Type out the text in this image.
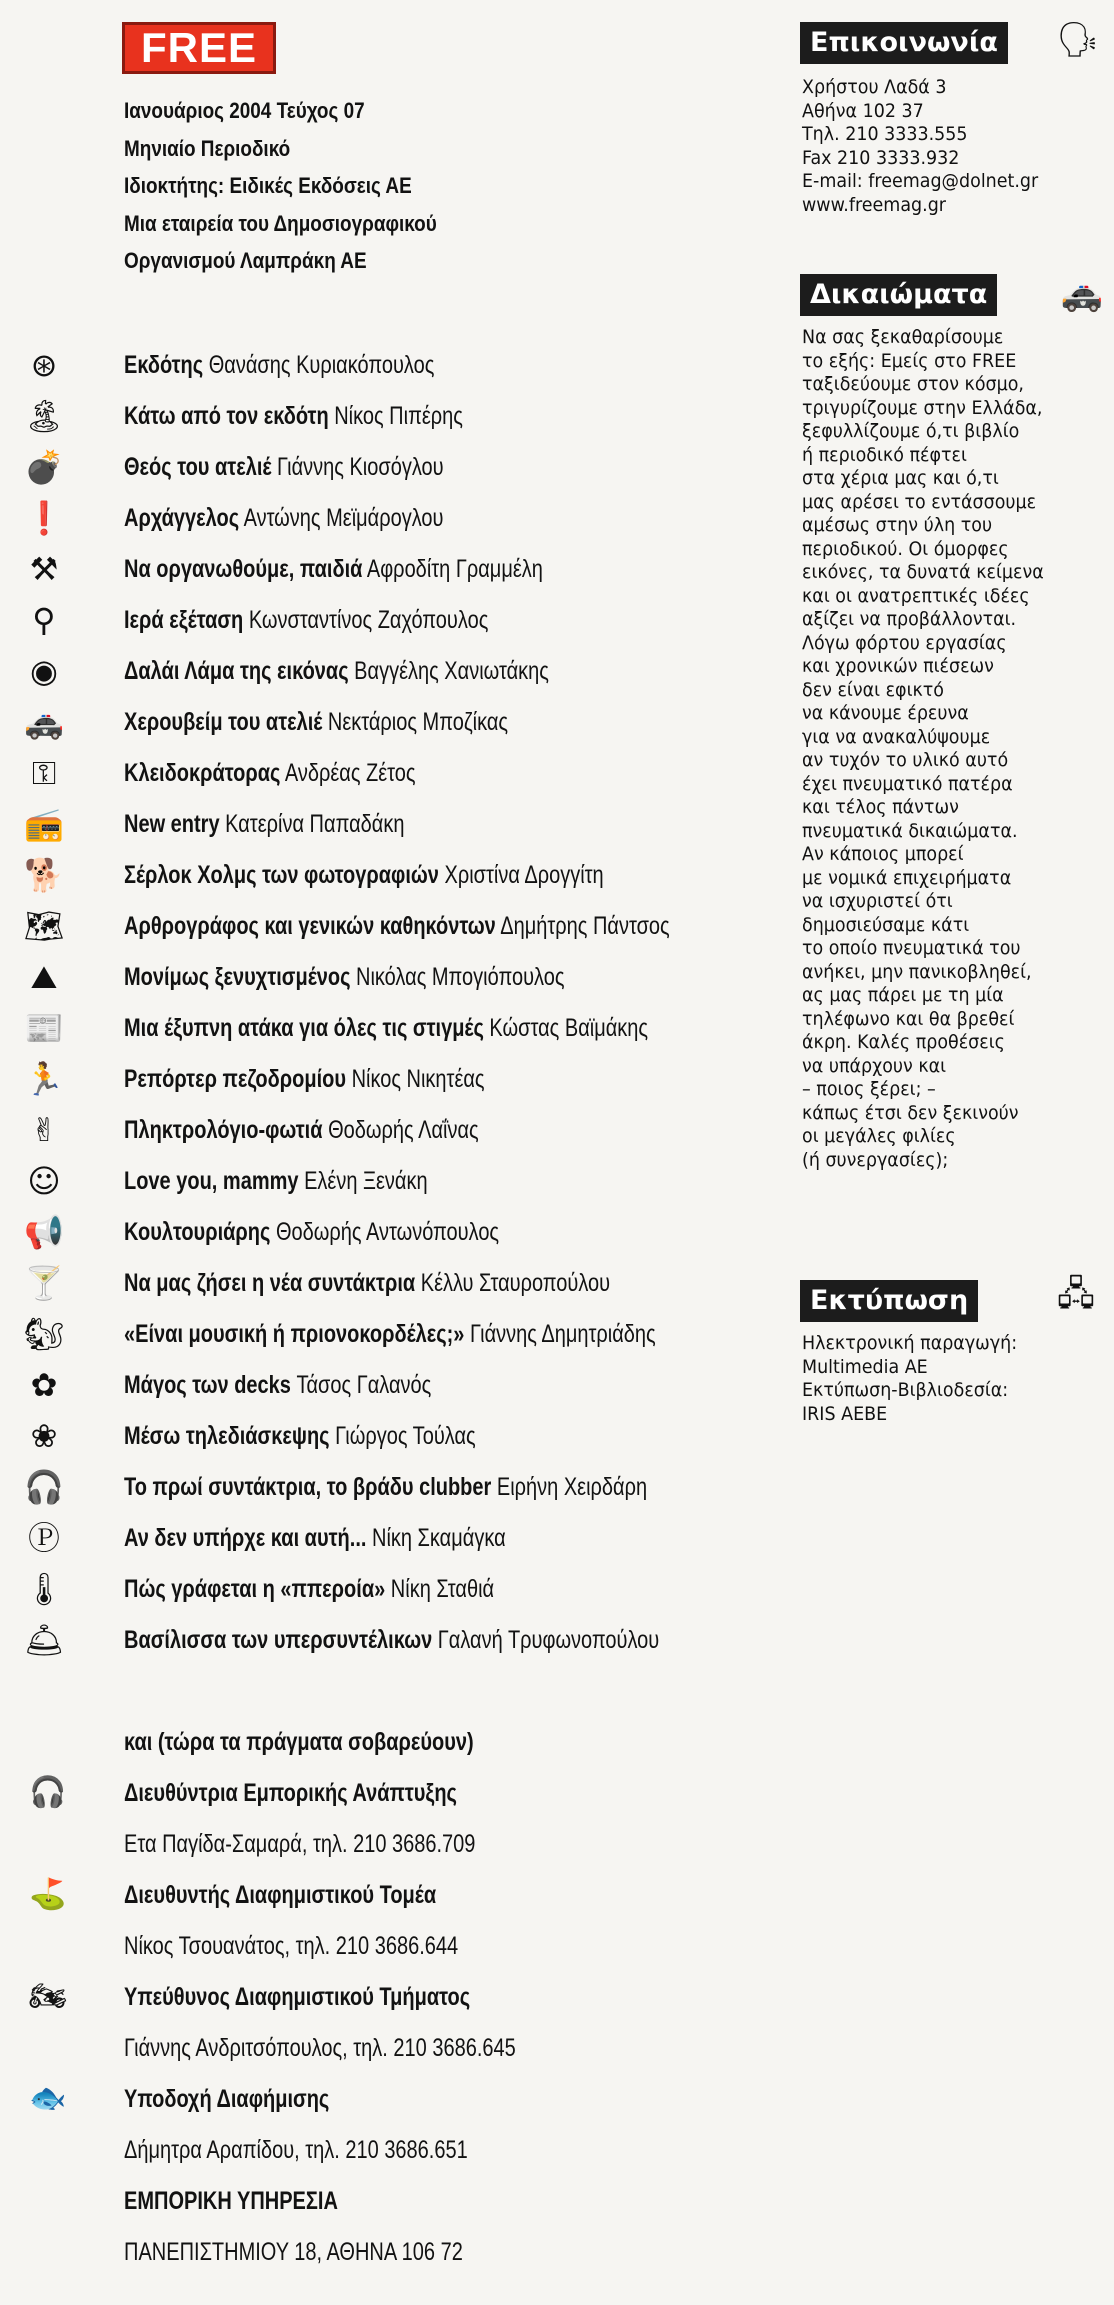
FREE
Ιανουάριος 2004 Τεύχος 07
Μηνιαίο Περιοδικό
Ιδιοκτήτης: Ειδικές Εκδόσεις ΑΕ
Μια εταιρεία του Δημοσιογραφικού
Οργανισμού Λαμπράκη ΑΕ
⊛	Εκδότης Θανάσης Κυριακόπουλος
🏝 Κάτω από τον εκδότη Νίκος Πιπέρης
💣 Θεός του ατελιέ Γιάννης Κιοσόγλου
❗ Αρχάγγελος Αντώνης Μεϊμάρογλου
⚒	Να οργανωθούμε, παιδιά Αφροδίτη Γραμμέλη
⚲	Ιερά εξέταση Κωνσταντίνος Ζαχόπουλος
◉	Δαλάι Λάμα της εικόνας Βαγγέλης Χανιωτάκης
🚓 Χερουβείμ του ατελιέ Νεκτάριος Μποζίκας
⚿	Κλειδοκράτορας Ανδρέας Ζέτος
📻 New entry Κατερίνα Παπαδάκη
🐕 Σέρλοκ Χολμς των φωτογραφιών Χριστίνα Δρογγίτη
🗺 Αρθρογράφος και γενικών καθηκόντων Δημήτρης Πάντσος
⛰	Μονίμως ξενυχτισμένος Νικόλας Μπογιόπουλος
📰 Μια έξυπνη ατάκα για όλες τις στιγμές Κώστας Βαϊμάκης
🏃 Ρεπόρτερ πεζοδρομίου Νίκος Νικητέας
✌	Πληκτρολόγιο-φωτιά Θοδωρής Λαΐνας
☺	Love you, mammy Ελένη Ξενάκη
📢 Κουλτουριάρης Θοδωρής Αντωνόπουλος
🍸 Να μας ζήσει η νέα συντάκτρια Κέλλυ Σταυροπούλου
🐿 «Είναι μουσική ή πριονοκορδέλες;» Γιάννης Δημητριάδης
✿	Μάγος των decks Τάσος Γαλανός
❀	Μέσω τηλεδιάσκεψης Γιώργος Τούλας
🎧 Το πρωί συντάκτρια, το βράδυ clubber Ειρήνη Χειρδάρη
Ⓟ	Αν δεν υπήρχε και αυτή... Νίκη Σκαμάγκα
🌡 Πώς γράφεται η «ππεροία» Νίκη Σταθιά
🛎 Βασίλισσα των υπερσυντέλικων Γαλανή Τρυφωνοπούλου
και (τώρα τα πράγματα σοβαρεύουν)
🎧 Διευθύντρια Εμπορικής Ανάπτυξης
Ετα Παγίδα-Σαμαρά, τηλ. 210 3686.709
⛳ Διευθυντής Διαφημιστικού Τομέα
Νίκος Τσουανάτος, τηλ. 210 3686.644
🏍 Υπεύθυνος Διαφημιστικού Τμήματος
Γιάννης Ανδριτσόπουλος, τηλ. 210 3686.645
🐟 Υποδοχή Διαφήμισης
Δήμητρα Αραπίδου, τηλ. 210 3686.651
ΕΜΠΟΡΙΚΗ ΥΠΗΡΕΣΙΑ
ΠΑΝΕΠΙΣΤΗΜΙΟΥ 18, ΑΘΗΝΑ 106 72
Επικοινωνία 🗣
Χρήστου Λαδά 3
Αθήνα 102 37
Τηλ. 210 3333.555
Fax 210 3333.932
E-mail: freemag@dolnet.gr
www.freemag.gr
Δικαιώματα 🚓
Να σας ξεκαθαρίσουμε
το εξής: Εμείς στο FREE
ταξιδεύουμε στον κόσμο,
τριγυρίζουμε στην Ελλάδα,
ξεφυλλίζουμε ό,τι βιβλίο
ή περιοδικό πέφτει
στα χέρια μας και ό,τι
μας αρέσει το εντάσσουμε
αμέσως στην ύλη του
περιοδικού. Οι όμορφες
εικόνες, τα δυνατά κείμενα
και οι ανατρεπτικές ιδέες
αξίζει να προβάλλονται.
Λόγω φόρτου εργασίας
και χρονικών πιέσεων
δεν είναι εφικτό
να κάνουμε έρευνα
για να ανακαλύψουμε
αν τυχόν το υλικό αυτό
έχει πνευματικό πατέρα
και τέλος πάντων
πνευματικά δικαιώματα.
Αν κάποιος μπορεί
με νομικά επιχειρήματα
να ισχυριστεί ότι
δημοσιεύσαμε κάτι
το οποίο πνευματικά του
ανήκει, μην πανικοβληθεί,
ας μας πάρει με τη μία
τηλέφωνο και θα βρεθεί
άκρη. Καλές προθέσεις
να υπάρχουν και
– ποιος ξέρει; –
κάπως έτσι δεν ξεκινούν
οι μεγάλες φιλίες
(ή συνεργασίες);
Εκτύπωση	🖧
Ηλεκτρονική παραγωγή:
Multimedia AE
Εκτύπωση-Βιβλιοδεσία:
IRIS AEBE
